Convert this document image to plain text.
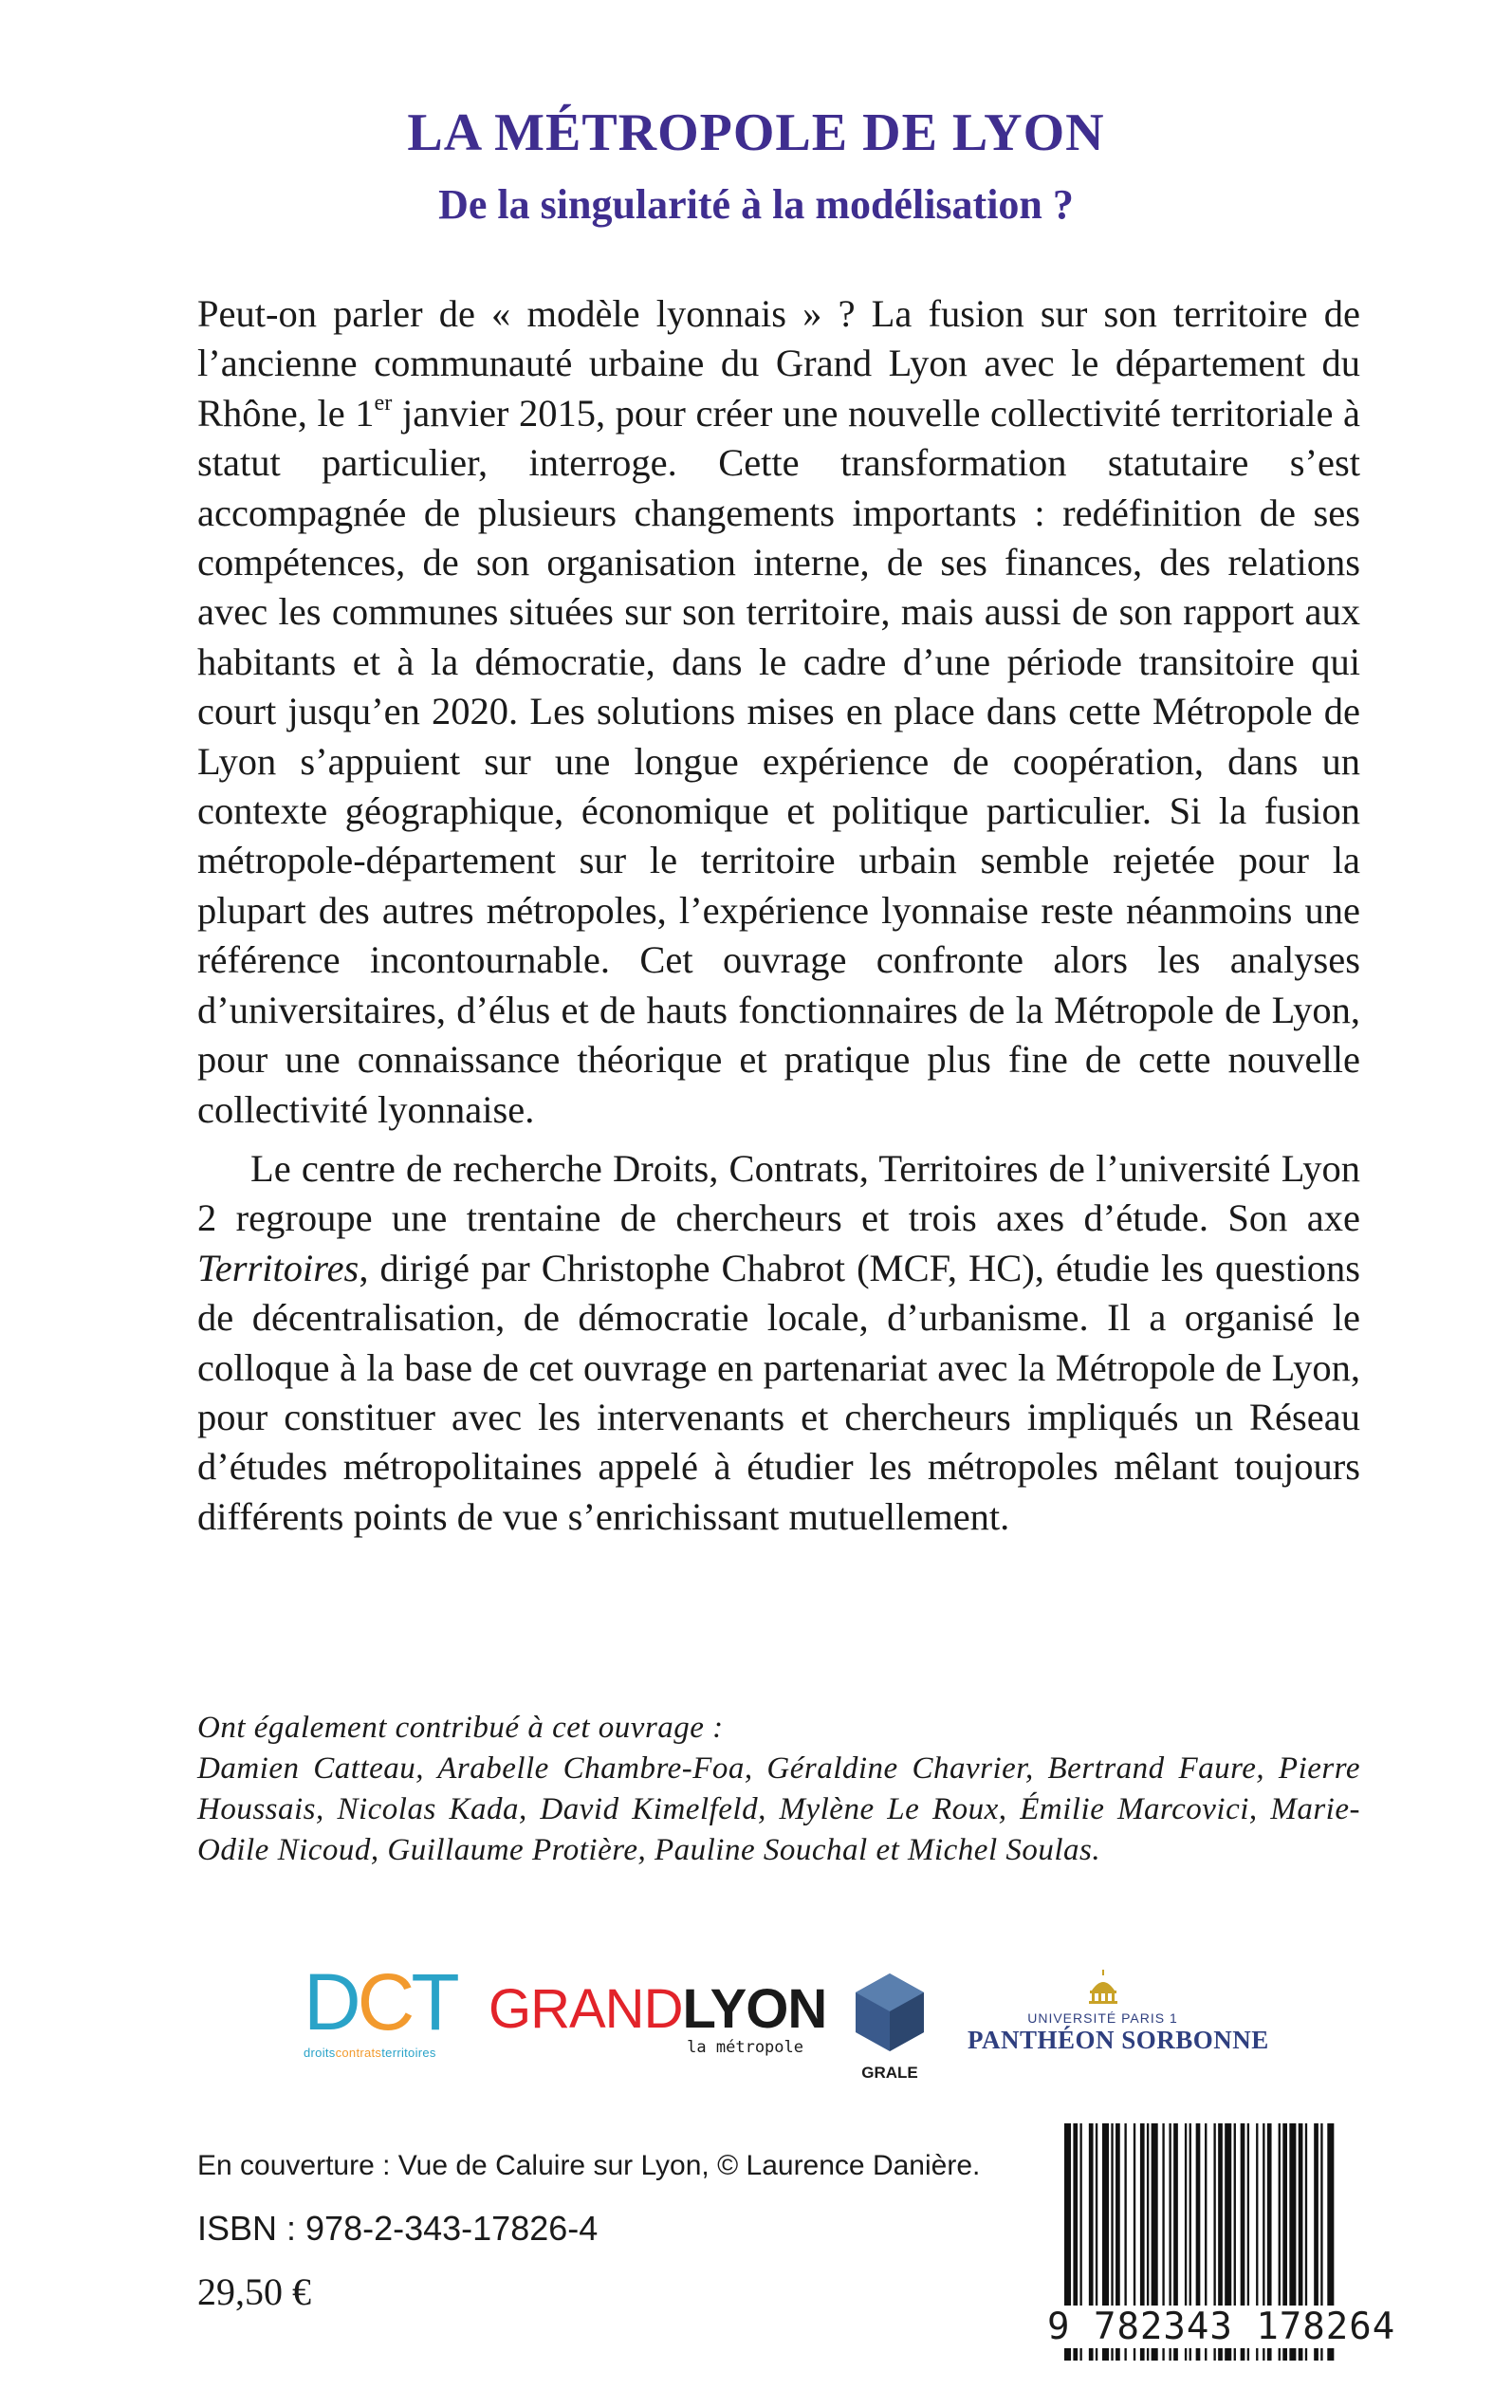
LA MÉTROPOLE DE LYON
De la singularité à la modélisation ?

Peut-on parler de « modèle lyonnais » ? La fusion sur son territoire de l’ancienne communauté urbaine du Grand Lyon avec le département du Rhône, le 1er janvier 2015, pour créer une nouvelle collectivité territoriale à statut particulier, interroge. Cette transformation statutaire s’est accompagnée de plusieurs changements importants : redéfinition de ses compétences, de son organisation interne, de ses finances, des relations avec les communes situées sur son territoire, mais aussi de son rapport aux habitants et à la démocratie, dans le cadre d’une période transitoire qui court jusqu’en 2020. Les solutions mises en place dans cette Métropole de Lyon s’appuient sur une longue expérience de coopération, dans un contexte géographique, économique et politique particulier. Si la fusion métropole-département sur le territoire urbain semble rejetée pour la plupart des autres métropoles, l’expérience lyonnaise reste néanmoins une référence incontournable. Cet ouvrage confronte alors les analyses d’universitaires, d’élus et de hauts fonctionnaires de la Métropole de Lyon, pour une connaissance théorique et pratique plus fine de cette nouvelle collectivité lyonnaise.

Le centre de recherche Droits, Contrats, Territoires de l’université Lyon 2 regroupe une trentaine de chercheurs et trois axes d’étude. Son axe Territoires, dirigé par Christophe Chabrot (MCF, HC), étudie les questions de décentralisation, de démocratie locale, d’urbanisme. Il a organisé le colloque à la base de cet ouvrage en partenariat avec la Métropole de Lyon, pour constituer avec les intervenants et chercheurs impliqués un Réseau d’études métropolitaines appelé à étudier les métropoles mêlant toujours différents points de vue s’enrichissant mutuellement.

Ont également contribué à cet ouvrage :
Damien Catteau, Arabelle Chambre-Foa, Géraldine Chavrier, Bertrand Faure, Pierre Houssais, Nicolas Kada, David Kimelfeld, Mylène Le Roux, Émilie Marcovici, Marie-Odile Nicoud, Guillaume Protière, Pauline Souchal et Michel Soulas.
DCT
droitscontratsterritoires
GRANDLYON
la métropole
GRALE
UNIVERSITÉ PARIS 1
PANTHÉON SORBONNE
En couverture : Vue de Caluire sur Lyon, © Laurence Danière.
ISBN : 978-2-343-17826-4
29,50 €
9 782343 178264
